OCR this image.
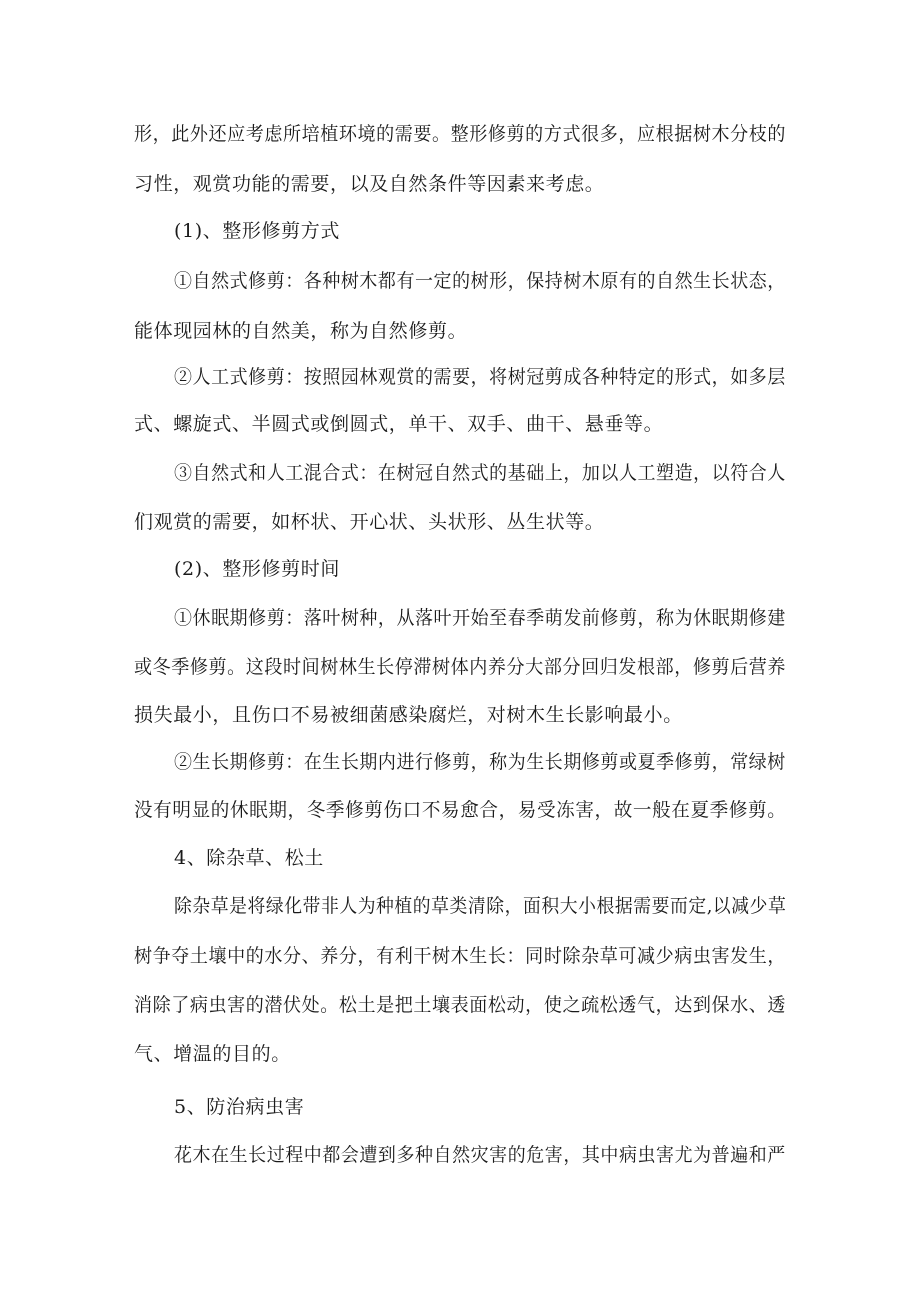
形，此外还应考虑所培植环境的需要。整形修剪的方式很多，应根据树木分枝的
习性，观赏功能的需要，以及自然条件等因素来考虑。
(1)、整形修剪方式
①自然式修剪：各种树木都有一定的树形，保持树木原有的自然生长状态，
能体现园林的自然美，称为自然修剪。
②人工式修剪：按照园林观赏的需要，将树冠剪成各种特定的形式，如多层
式、螺旋式、半圆式或倒圆式，单干、双手、曲干、悬垂等。
③自然式和人工混合式：在树冠自然式的基础上，加以人工塑造，以符合人
们观赏的需要，如杯状、开心状、头状形、丛生状等。
(2)、整形修剪时间
①休眠期修剪：落叶树种，从落叶开始至春季萌发前修剪，称为休眠期修建
或冬季修剪。这段时间树林生长停滞树体内养分大部分回归发根部，修剪后营养
损失最小，且伤口不易被细菌感染腐烂，对树木生长影响最小。
②生长期修剪：在生长期内进行修剪，称为生长期修剪或夏季修剪，常绿树
没有明显的休眠期，冬季修剪伤口不易愈合，易受冻害，故一般在夏季修剪。
4、除杂草、松土
除杂草是将绿化带非人为种植的草类清除，面积大小根据需要而定,以减少草
树争夺土壤中的水分、养分，有利干树木生长：同时除杂草可减少病虫害发生，
消除了病虫害的潜伏处。松土是把土壤表面松动，使之疏松透气，达到保水、透
气、增温的目的。
5、防治病虫害
花木在生长过程中都会遭到多种自然灾害的危害，其中病虫害尤为普遍和严
